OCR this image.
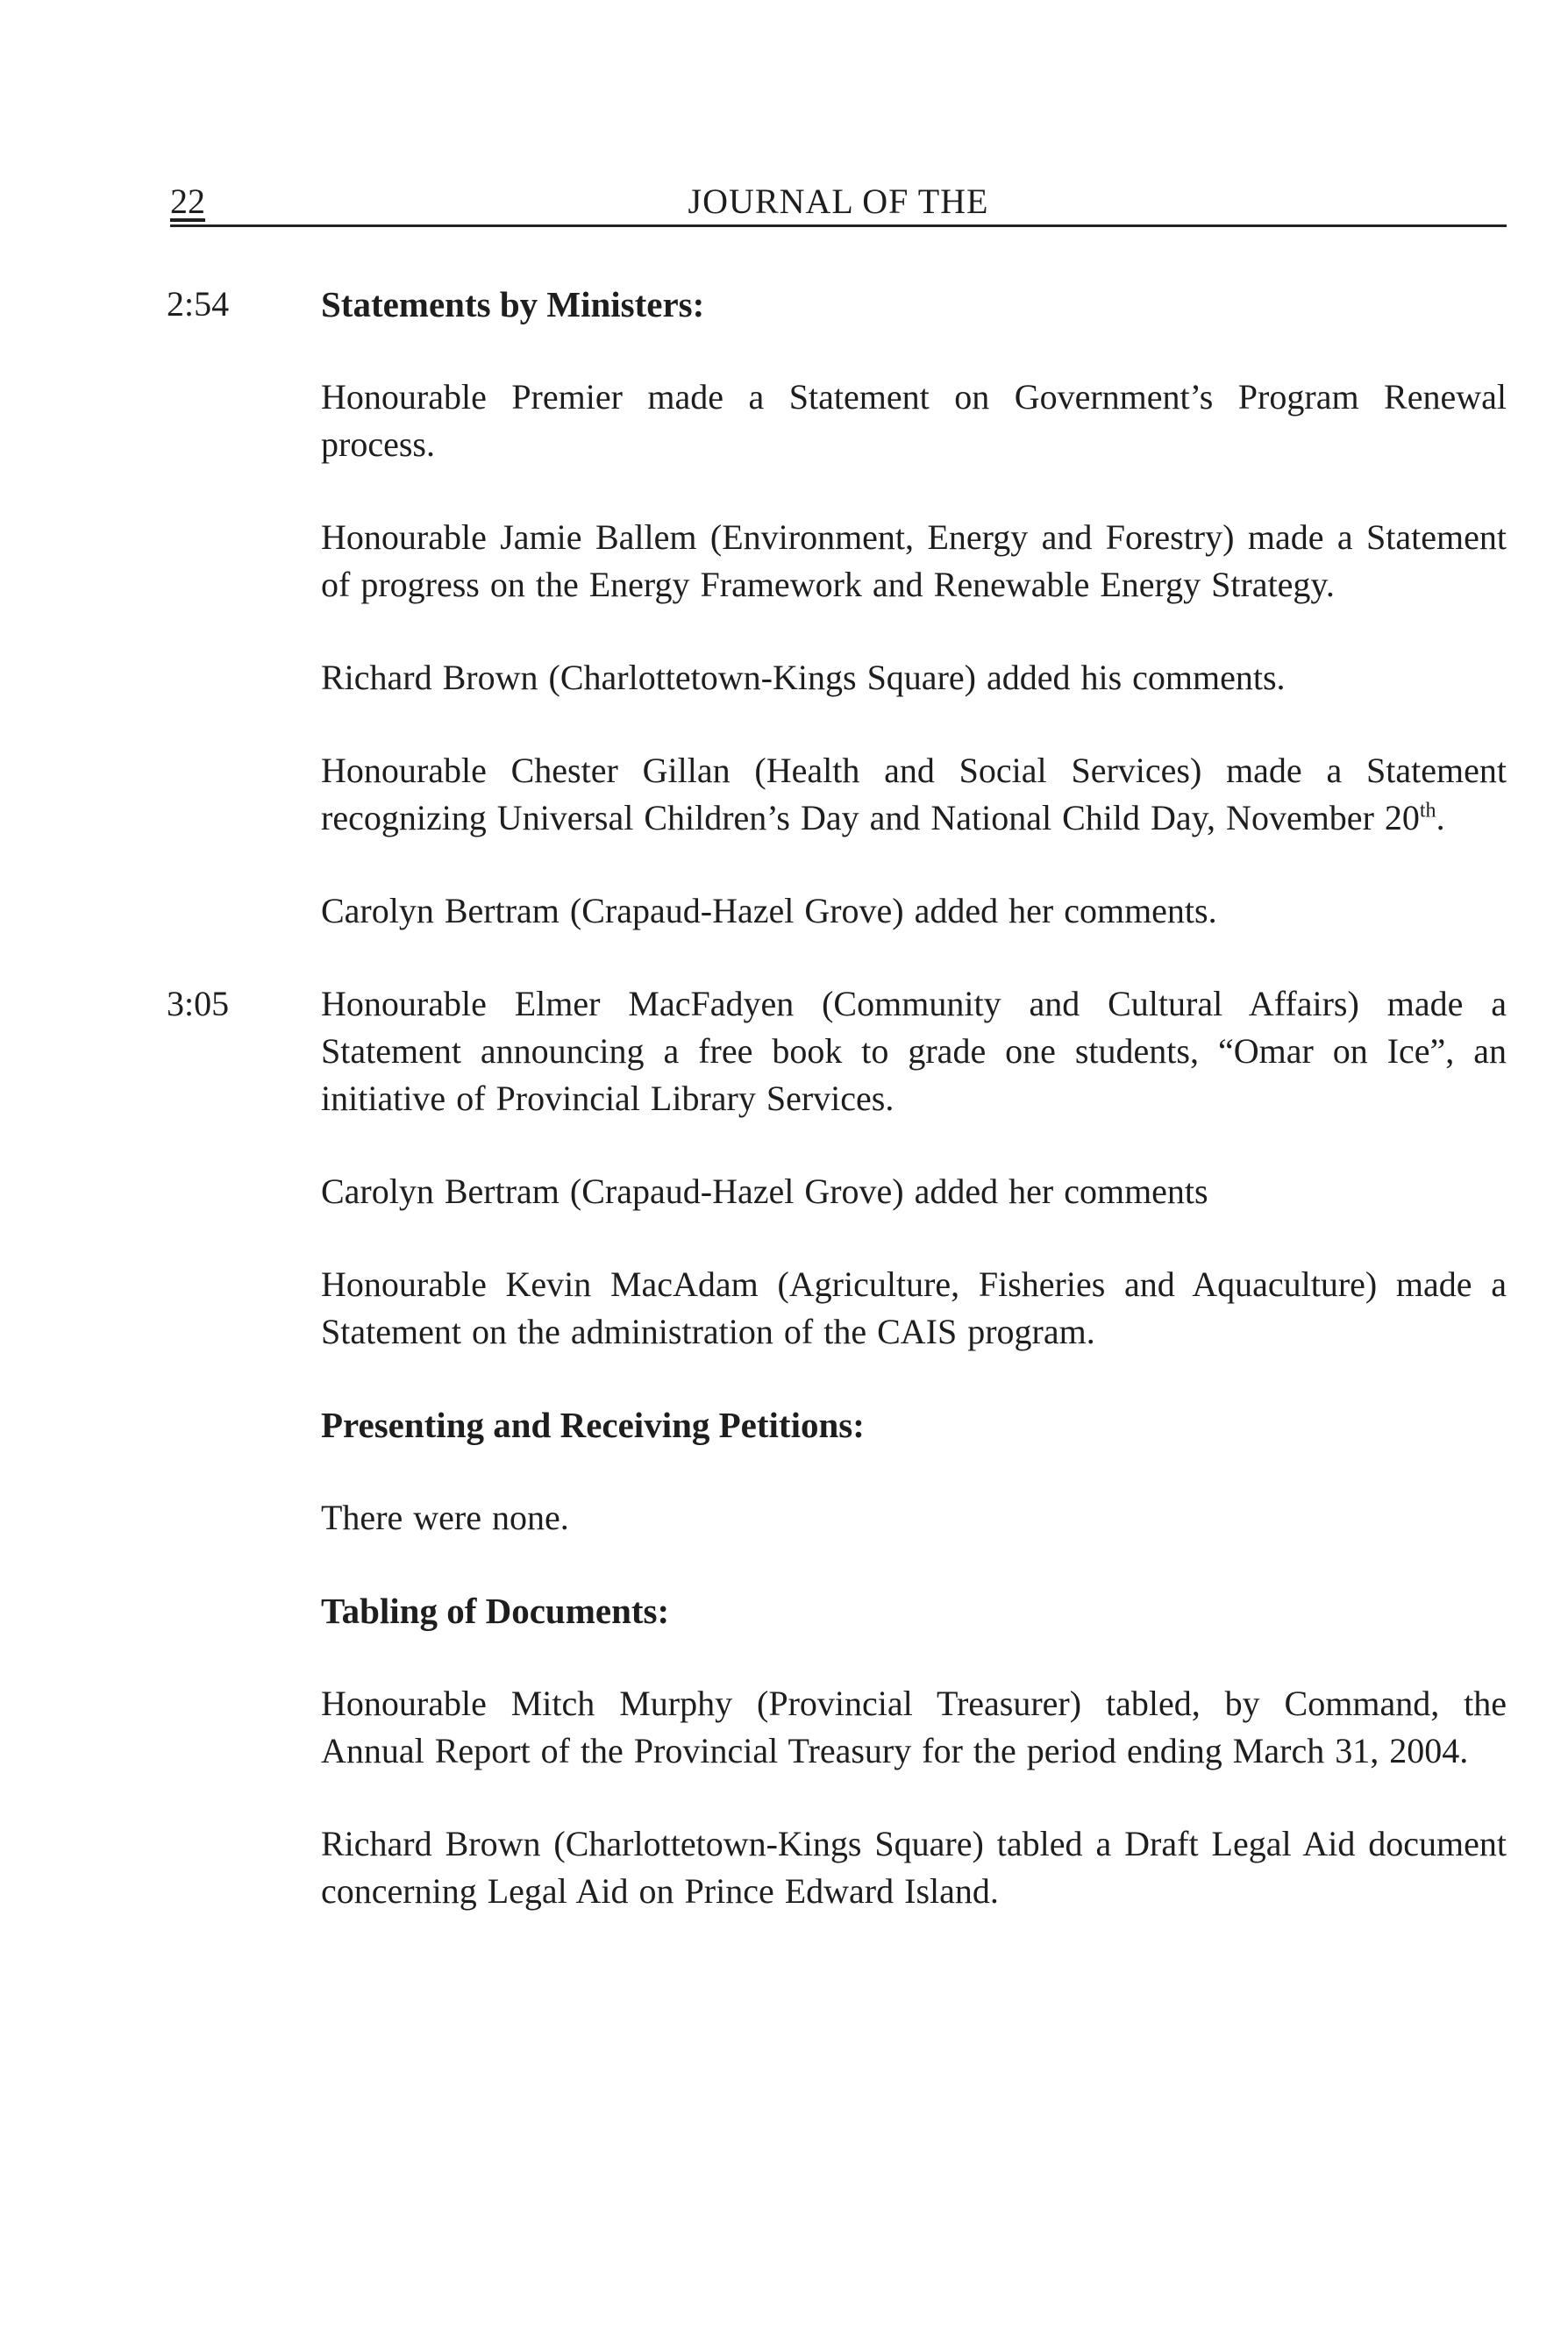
22	JOURNAL OF THE
2:54	Statements by Ministers:
Honourable Premier made a Statement on Government’s Program Renewal process.
Honourable Jamie Ballem (Environment, Energy and Forestry) made a Statement of progress on the Energy Framework and Renewable Energy Strategy.
Richard Brown (Charlottetown-Kings Square) added his comments.
Honourable Chester Gillan (Health and Social Services) made a Statement recognizing Universal Children’s Day and National Child Day, November 20th.
Carolyn Bertram (Crapaud-Hazel Grove) added her comments.
3:05	Honourable Elmer MacFadyen (Community and Cultural Affairs) made a Statement announcing a free book to grade one students, “Omar on Ice”, an initiative of Provincial Library Services.
Carolyn Bertram (Crapaud-Hazel Grove) added her comments
Honourable Kevin MacAdam (Agriculture, Fisheries and Aquaculture) made a Statement on the administration of the CAIS program.
Presenting and Receiving Petitions:
There were none.
Tabling of Documents:
Honourable Mitch Murphy (Provincial Treasurer) tabled, by Command, the Annual Report of the Provincial Treasury for the period ending March 31, 2004.
Richard Brown (Charlottetown-Kings Square) tabled a Draft Legal Aid document concerning Legal Aid on Prince Edward Island.
